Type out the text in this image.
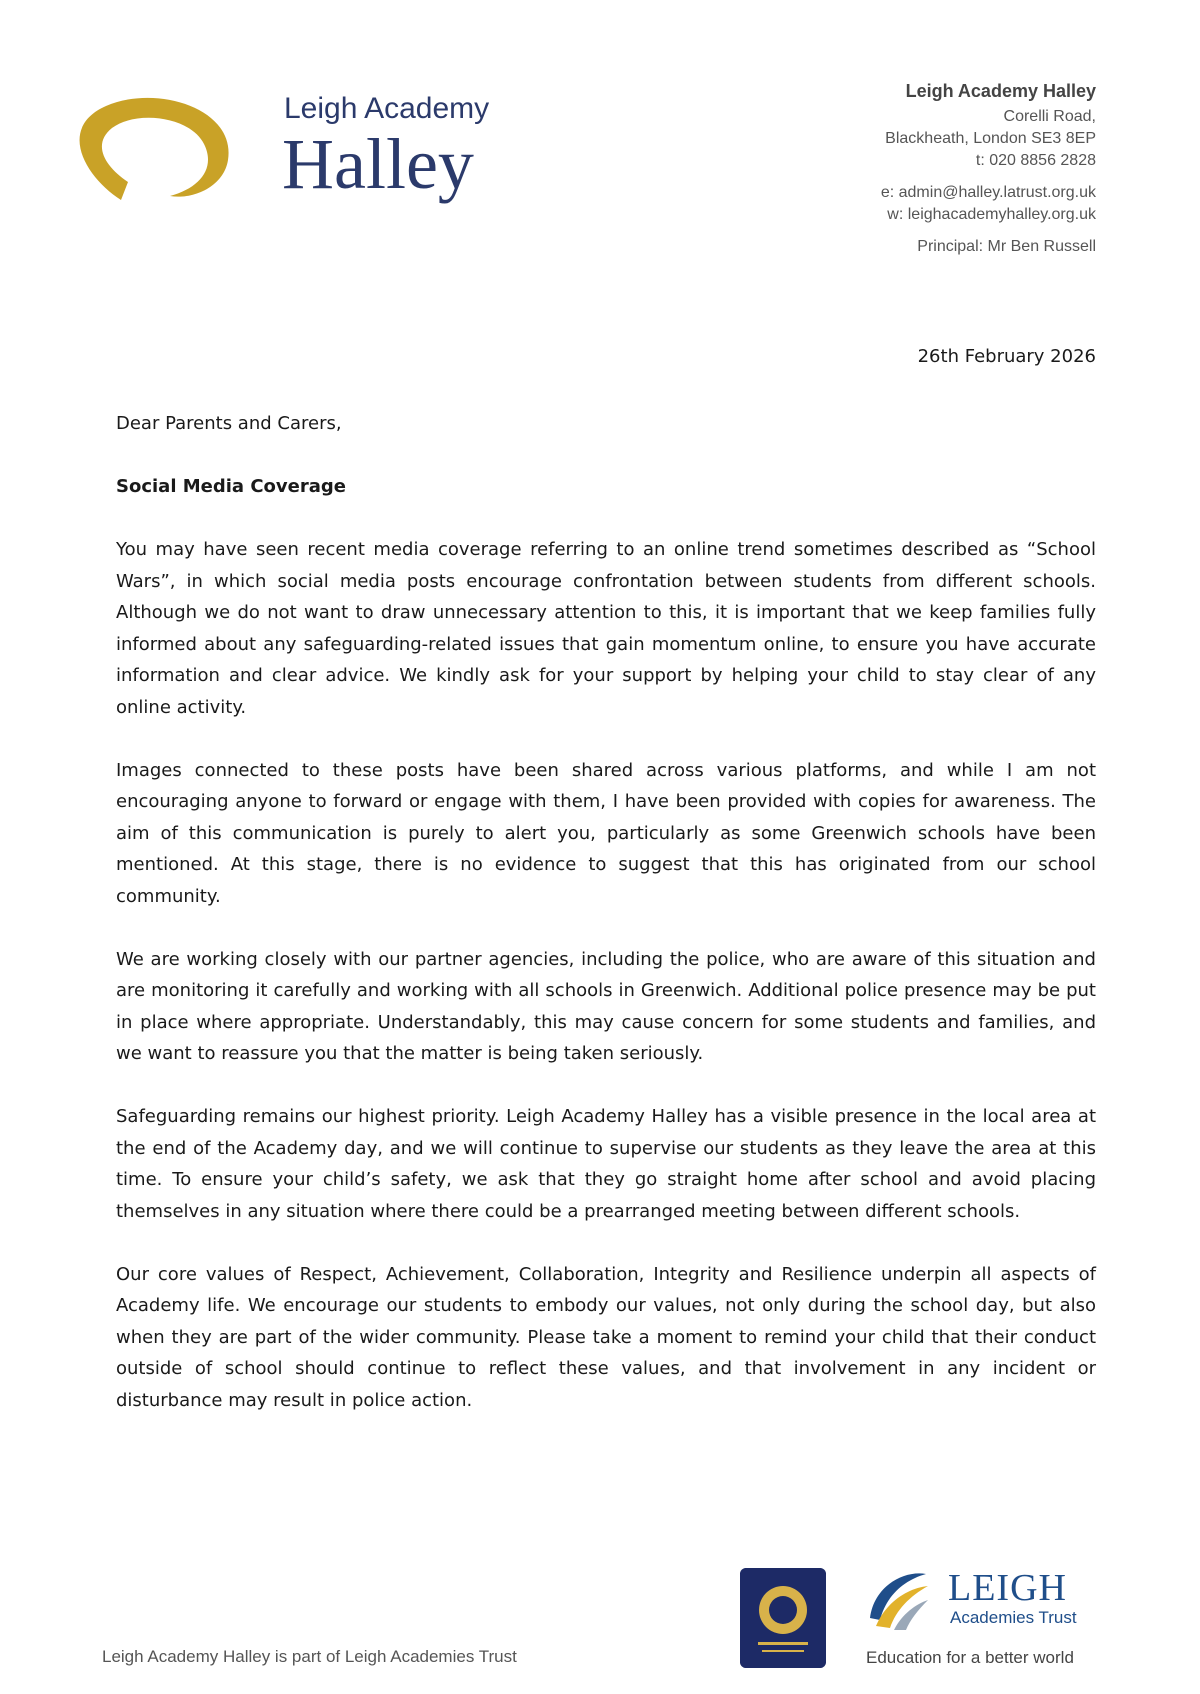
Leigh Academy
Halley
Leigh Academy Halley
Corelli Road,
Blackheath, London SE3 8EP
t: 020 8856 2828
e: admin@halley.latrust.org.uk
w: leighacademyhalley.org.uk
Principal: Mr Ben Russell
26th February 2026

Dear Parents and Carers,

Social Media Coverage

You may have seen recent media coverage referring to an online trend sometimes described as “School Wars”, in which social media posts encourage confrontation between students from different schools. Although we do not want to draw unnecessary attention to this, it is important that we keep families fully informed about any safeguarding-related issues that gain momentum online, to ensure you have accurate information and clear advice. We kindly ask for your support by helping your child to stay clear of any online activity.

Images connected to these posts have been shared across various platforms, and while I am not encouraging anyone to forward or engage with them, I have been provided with copies for awareness. The aim of this communication is purely to alert you, particularly as some Greenwich schools have been mentioned. At this stage, there is no evidence to suggest that this has originated from our school community.

We are working closely with our partner agencies, including the police, who are aware of this situation and are monitoring it carefully and working with all schools in Greenwich. Additional police presence may be put in place where appropriate. Understandably, this may cause concern for some students and families, and we want to reassure you that the matter is being taken seriously.

Safeguarding remains our highest priority. Leigh Academy Halley has a visible presence in the local area at the end of the Academy day, and we will continue to supervise our students as they leave the area at this time. To ensure your child’s safety, we ask that they go straight home after school and avoid placing themselves in any situation where there could be a prearranged meeting between different schools.

Our core values of Respect, Achievement, Collaboration, Integrity and Resilience underpin all aspects of Academy life. We encourage our students to embody our values, not only during the school day, but also when they are part of the wider community. Please take a moment to remind your child that their conduct outside of school should continue to reflect these values, and that involvement in any incident or disturbance may result in police action.

Leigh Academy Halley is part of Leigh Academies Trust
LEIGH
Academies Trust
Education for a better world
